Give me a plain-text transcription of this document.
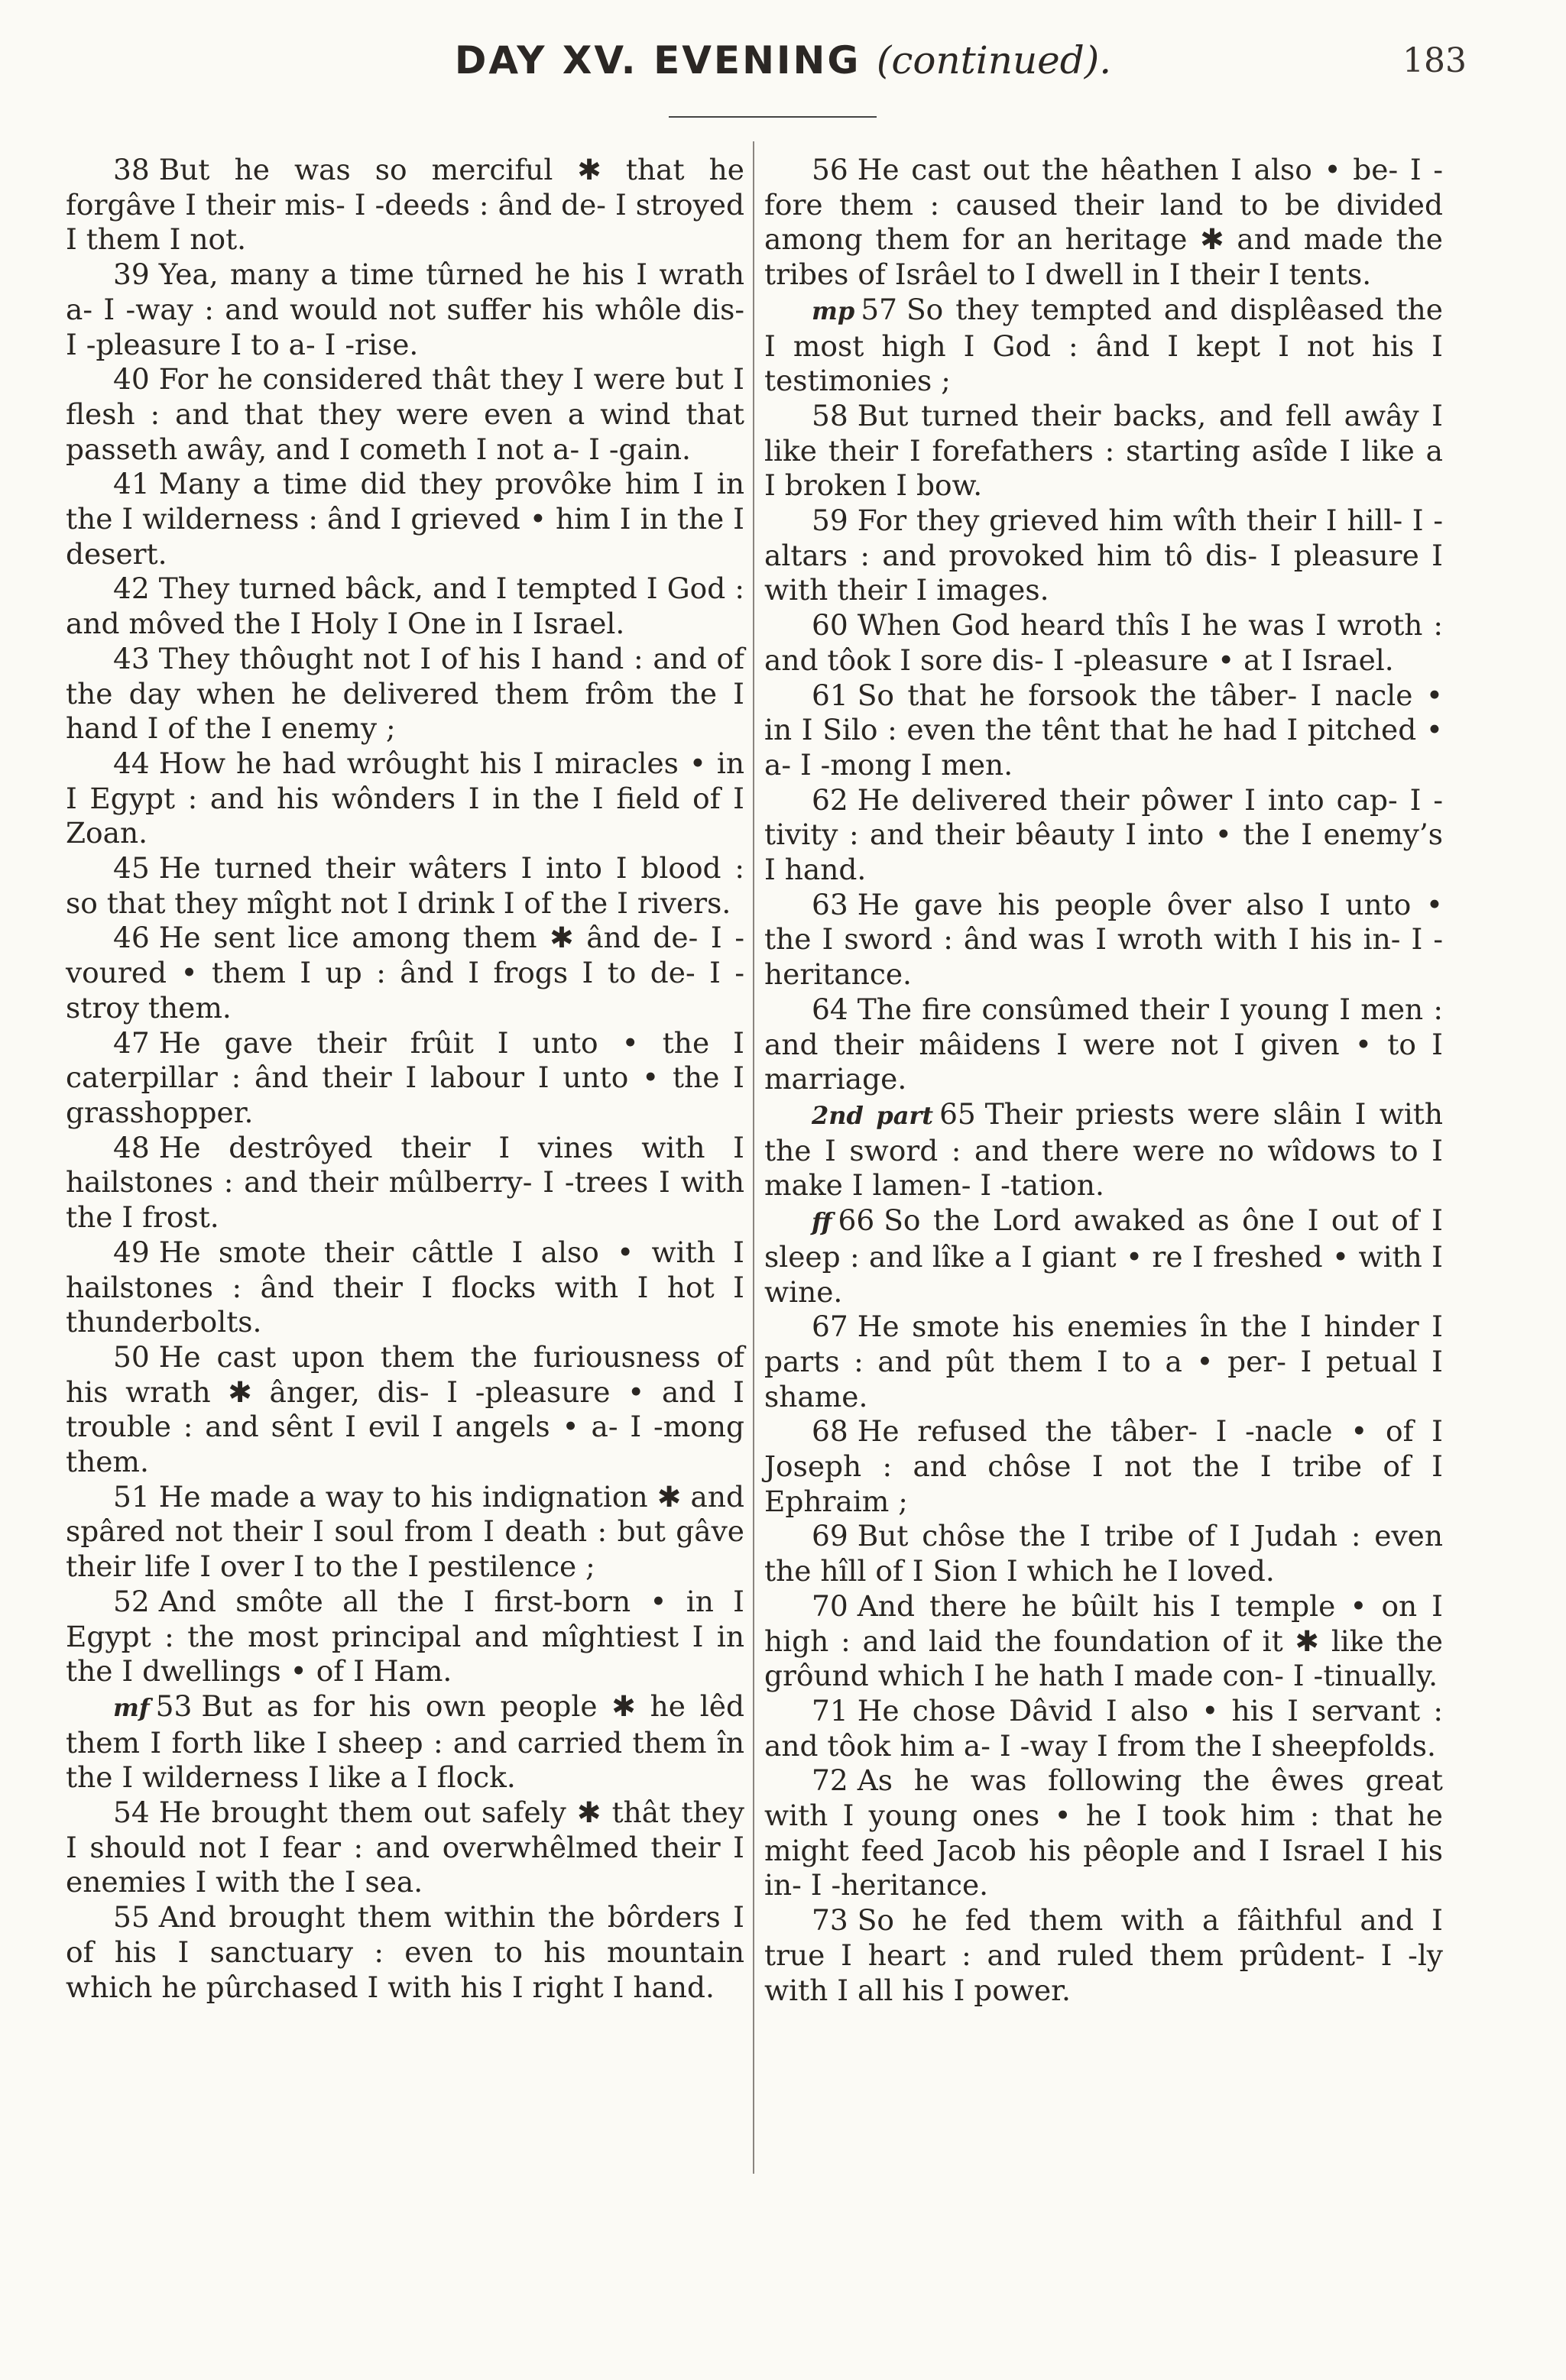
DAY XV. EVENING (continued).	183

38 But he was so merciful ✱ that he forgâve I their mis- I -deeds : ând de- I stroyed I them I not.

39 Yea, many a time tûrned he his I wrath a- I -way : and would not suffer his whôle dis- I -pleasure I to a- I -rise.

40 For he considered thât they I were but I flesh : and that they were even a wind that passeth awây, and I cometh I not a- I -gain.

41 Many a time did they provôke him I in the I wilderness : ând I grieved • him I in the I desert.

42 They turned bâck, and I tempted I God : and môved the I Holy I One in I Israel.

43 They thôught not I of his I hand : and of the day when he delivered them frôm the I hand I of the I enemy ;

44 How he had wrôught his I miracles • in I Egypt : and his wônders I in the I field of I Zoan.

45 He turned their wâters I into I blood : so that they mîght not I drink I of the I rivers.

46 He sent lice among them ✱ ând de- I -voured • them I up : ând I frogs I to de- I -stroy them.

47 He gave their frûit I unto • the I caterpillar : ând their I labour I unto • the I grasshopper.

48 He destrôyed their I vines with I hailstones : and their mûlberry- I -trees I with the I frost.

49 He smote their câttle I also • with I hailstones : ând their I flocks with I hot I thunderbolts.

50 He cast upon them the furiousness of his wrath ✱ ânger, dis- I -pleasure • and I trouble : and sênt I evil I angels • a- I -mong them.

51 He made a way to his indignation ✱ and spâred not their I soul from I death : but gâve their life I over I to the I pestilence ;

52 And smôte all the I first-born • in I Egypt : the most principal and mîghtiest I in the I dwellings • of I Ham.

mf 53 But as for his own people ✱ he lêd them I forth like I sheep : and carried them în the I wilderness I like a I flock.

54 He brought them out safely ✱ thât they I should not I fear : and overwhêlmed their I enemies I with the I sea.

55 And brought them within the bôrders I of his I sanctuary : even to his mountain which he pûrchased I with his I right I hand.

56 He cast out the hêathen I also • be- I -fore them : caused their land to be divided among them for an heritage ✱ and made the tribes of Isrâel to I dwell in I their I tents.

mp 57 So they tempted and displêased the I most high I God : ând I kept I not his I testimonies ;

58 But turned their backs, and fell awây I like their I forefathers : starting asîde I like a I broken I bow.

59 For they grieved him wîth their I hill- I -altars : and provoked him tô dis- I pleasure I with their I images.

60 When God heard thîs I he was I wroth : and tôok I sore dis- I -pleasure • at I Israel.

61 So that he forsook the tâber- I nacle • in I Silo : even the tênt that he had I pitched • a- I -mong I men.

62 He delivered their pôwer I into cap- I -tivity : and their bêauty I into • the I enemy’s I hand.

63 He gave his people ôver also I unto • the I sword : ând was I wroth with I his in- I -heritance.

64 The fire consûmed their I young I men : and their mâidens I were not I given • to I marriage.

2nd part 65 Their priests were slâin I with the I sword : and there were no wîdows to I make I lamen- I -tation.

ff 66 So the Lord awaked as ône I out of I sleep : and lîke a I giant • re I freshed • with I wine.

67 He smote his enemies în the I hinder I parts : and pût them I to a • per- I petual I shame.

68 He refused the tâber- I -nacle • of I Joseph : and chôse I not the I tribe of I Ephraim ;

69 But chôse the I tribe of I Judah : even the hîll of I Sion I which he I loved.

70 And there he bûilt his I temple • on I high : and laid the foundation of it ✱ like the grôund which I he hath I made con- I -tinually.

71 He chose Dâvid I also • his I servant : and tôok him a- I -way I from the I sheepfolds.

72 As he was following the êwes great with I young ones • he I took him : that he might feed Jacob his pêople and I Israel I his in- I -heritance.

73 So he fed them with a fâithful and I true I heart : and ruled them prûdent- I -ly with I all his I power.
